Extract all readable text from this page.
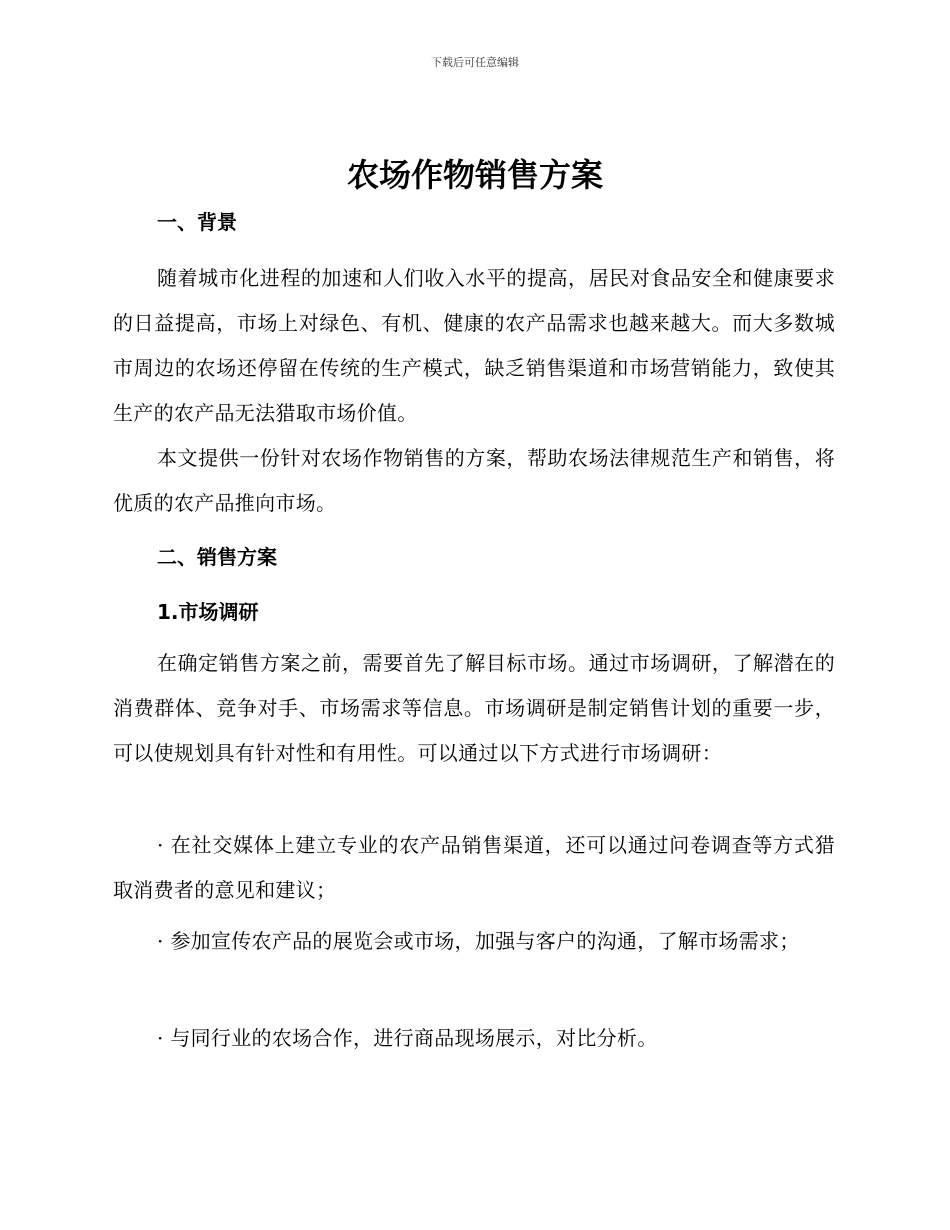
下载后可任意编辑
农场作物销售方案
一、背景
随着城市化进程的加速和人们收入水平的提高，居民对食品安全和健康要求的日益提高，市场上对绿色、有机、健康的农产品需求也越来越大。而大多数城市周边的农场还停留在传统的生产模式，缺乏销售渠道和市场营销能力，致使其生产的农产品无法猎取市场价值。
本文提供一份针对农场作物销售的方案，帮助农场法律规范生产和销售，将优质的农产品推向市场。
二、销售方案
1.市场调研
在确定销售方案之前，需要首先了解目标市场。通过市场调研，了解潜在的消费群体、竞争对手、市场需求等信息。市场调研是制定销售计划的重要一步，可以使规划具有针对性和有用性。可以通过以下方式进行市场调研：
· 在社交媒体上建立专业的农产品销售渠道，还可以通过问卷调查等方式猎取消费者的意见和建议；
· 参加宣传农产品的展览会或市场，加强与客户的沟通，了解市场需求；
· 与同行业的农场合作，进行商品现场展示，对比分析。
